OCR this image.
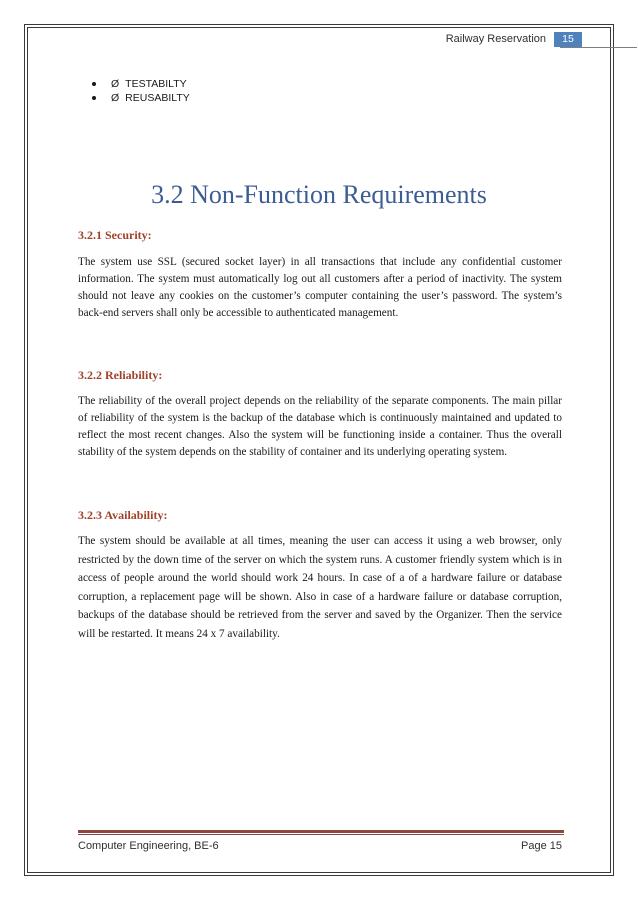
Railway Reservation	15
Ø TESTABILTY
Ø REUSABILTY
3.2 Non-Function Requirements
3.2.1 Security:

The system use SSL (secured socket layer) in all transactions that include any confidential customer information. The system must automatically log out all customers after a period of inactivity. The system should not leave any cookies on the customer’s computer containing the user’s password. The system’s back-end servers shall only be accessible to authenticated management.

3.2.2 Reliability:

The reliability of the overall project depends on the reliability of the separate components. The main pillar of reliability of the system is the backup of the database which is continuously maintained and updated to reflect the most recent changes. Also the system will be functioning inside a container. Thus the overall stability of the system depends on the stability of container and its underlying operating system.

3.2.3 Availability:

The system should be available at all times, meaning the user can access it using a web browser, only restricted by the down time of the server on which the system runs. A customer friendly system which is in access of people around the world should work 24 hours. In case of a of a hardware failure or database corruption, a replacement page will be shown. Also in case of a hardware failure or database corruption, backups of the database should be retrieved from the server and saved by the Organizer. Then the service will be restarted. It means 24 x 7 availability.

Computer Engineering, BE-6	Page 15
